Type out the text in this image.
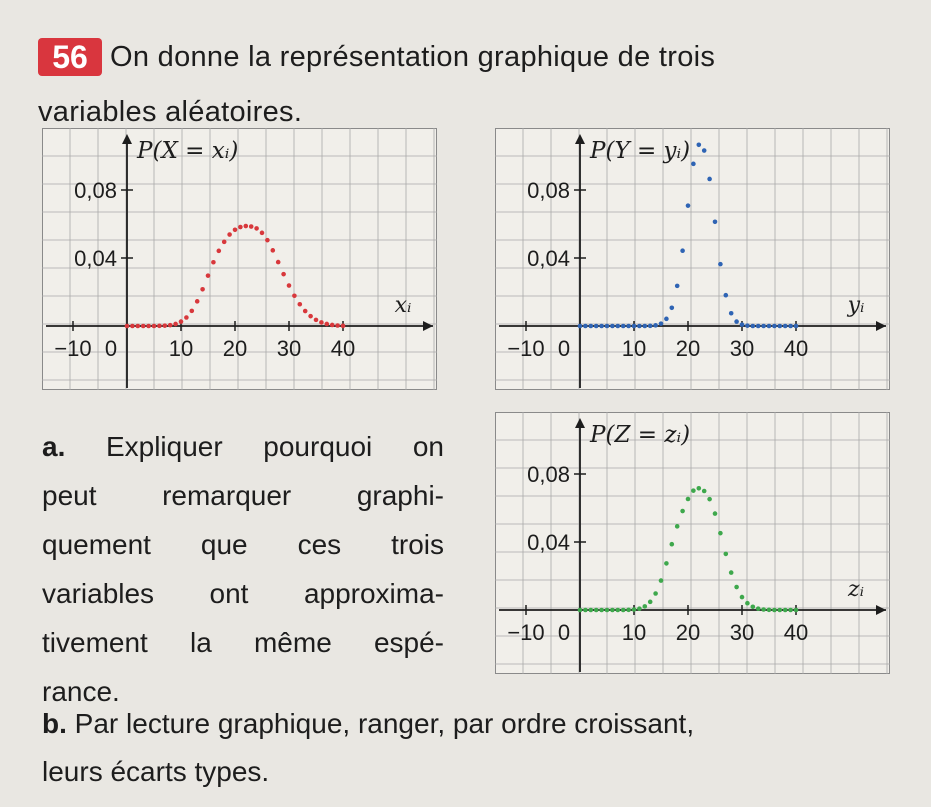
56 On donne la représentation graphique de trois
variables aléatoires.
0,04
0,08
−10 0 10 20 30 40
P(X = xᵢ)
xᵢ
0,04
0,08
−10 0 10 20 30 40
P(Y = yᵢ)
yᵢ
0,04
0,08
−10 0 10 20 30 40
P(Z = zᵢ)
zᵢ
a. Expliquer pourquoi on
peut remarquer graphi-
quement que ces trois
variables ont approxima-
tivement la même espé-
rance.
b. Par lecture graphique, ranger, par ordre croissant,
leurs écarts types.
